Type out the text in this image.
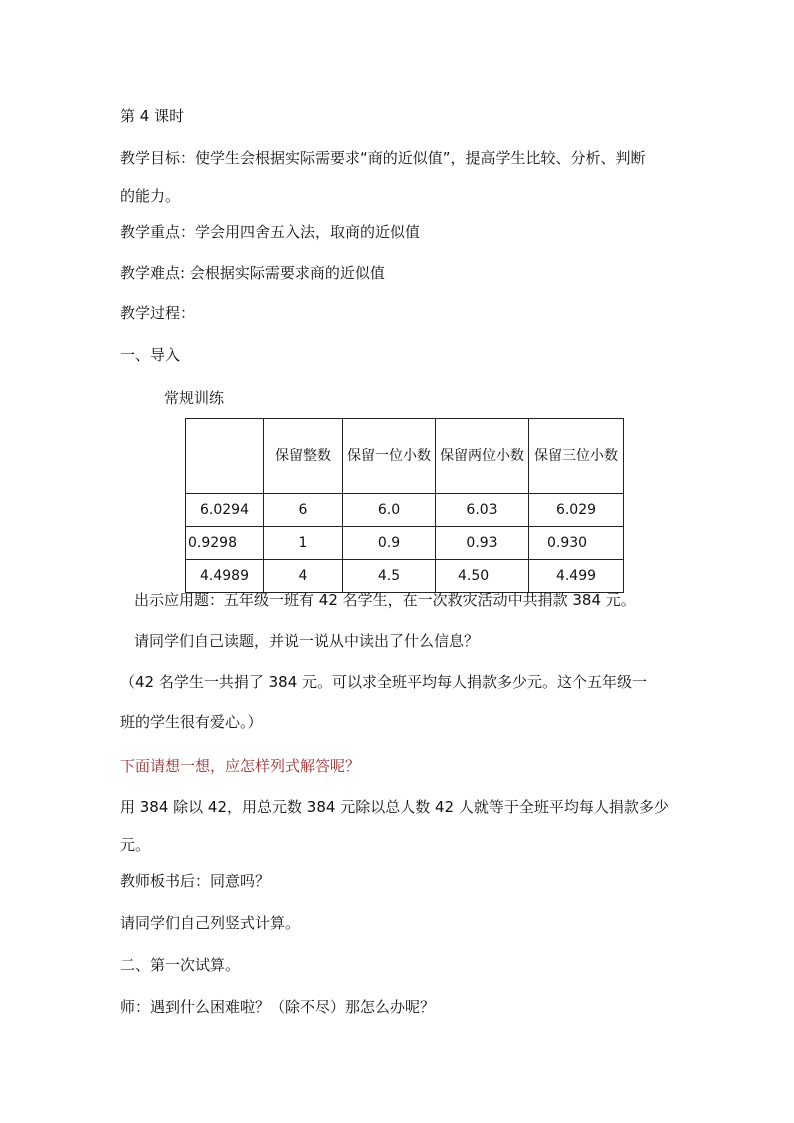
第 4 课时
教学目标：使学生会根据实际需要求“商的近似值”，提高学生比较、分析、判断
的能力。
教学重点：学会用四舍五入法，取商的近似值
教学难点: 会根据实际需要求商的近似值
教学过程：
一、导入
常规训练
	保留整数	保留一位小数	保留两位小数	保留三位小数
6.0294	6	6.0	6.03	6.029
0.9298	1	0.9	0.93	0.930
4.4989	4	4.5	4.50	4.499
出示应用题：五年级一班有 42 名学生，在一次救灾活动中共捐款 384 元。
请同学们自己读题，并说一说从中读出了什么信息？
（42 名学生一共捐了 384 元。可以求全班平均每人捐款多少元。这个五年级一
班的学生很有爱心。）
下面请想一想，应怎样列式解答呢？
用 384 除以 42，用总元数 384 元除以总人数 42 人就等于全班平均每人捐款多少
元。
教师板书后：同意吗？
请同学们自己列竖式计算。
二、第一次试算。
师：遇到什么困难啦？（除不尽）那怎么办呢？
